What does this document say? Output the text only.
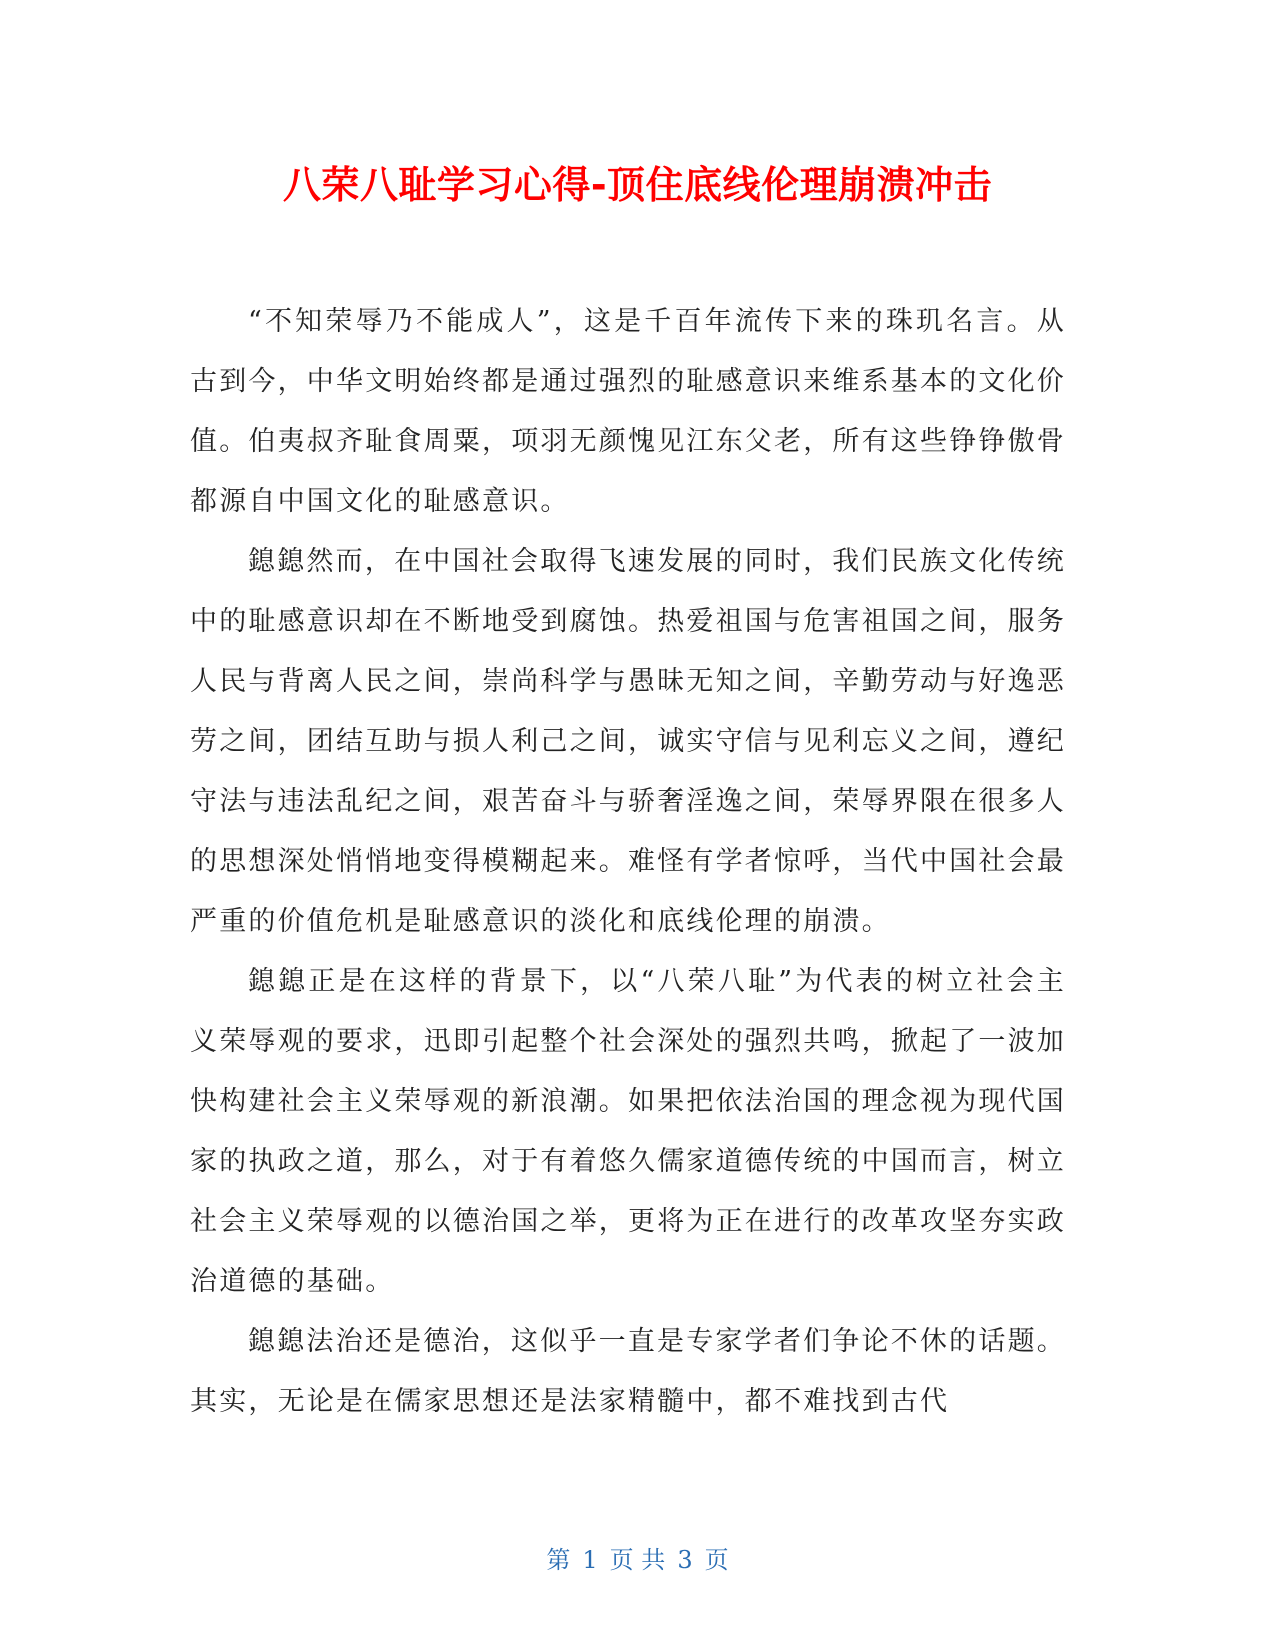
八荣八耻学习心得-顶住底线伦理崩溃冲击

“不知荣辱乃不能成人”，这是千百年流传下来的珠玑名言。从古到今，中华文明始终都是通过强烈的耻感意识来维系基本的文化价值。伯夷叔齐耻食周粟，项羽无颜愧见江东父老，所有这些铮铮傲骨都源自中国文化的耻感意识。

鎴鎴然而，在中国社会取得飞速发展的同时，我们民族文化传统中的耻感意识却在不断地受到腐蚀。热爱祖国与危害祖国之间，服务人民与背离人民之间，崇尚科学与愚昧无知之间，辛勤劳动与好逸恶劳之间，团结互助与损人利己之间，诚实守信与见利忘义之间，遵纪守法与违法乱纪之间，艰苦奋斗与骄奢淫逸之间，荣辱界限在很多人的思想深处悄悄地变得模糊起来。难怪有学者惊呼，当代中国社会最严重的价值危机是耻感意识的淡化和底线伦理的崩溃。

鎴鎴正是在这样的背景下，以“八荣八耻”为代表的树立社会主义荣辱观的要求，迅即引起整个社会深处的强烈共鸣，掀起了一波加快构建社会主义荣辱观的新浪潮。如果把依法治国的理念视为现代国家的执政之道，那么，对于有着悠久儒家道德传统的中国而言，树立社会主义荣辱观的以德治国之举，更将为正在进行的改革攻坚夯实政治道德的基础。

鎴鎴法治还是德治，这似乎一直是专家学者们争论不休的话题。其实，无论是在儒家思想还是法家精髓中，都不难找到古代

第 1 页 共 3 页
